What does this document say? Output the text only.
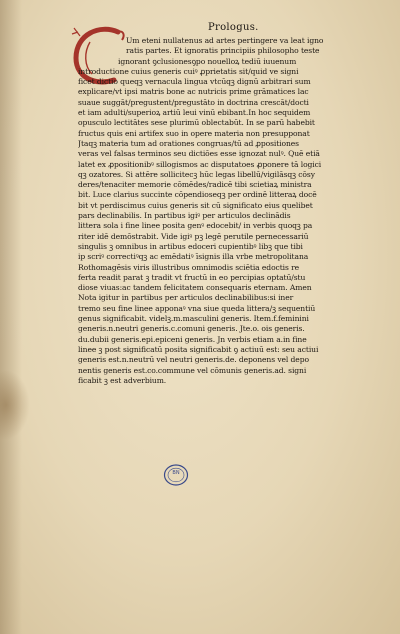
Prologus.
Um eteni nullatenus ad artes pertingere va leat igno
ratis partes. Et ignoratis principiis philosopho teste
ignorant ꝯclusionesꝯpo nouelloꝝ tediū iuuenum
introductione cuius generis cuiꝰ ꝓprietatis sit/quid ve signi
ficet dictio queqꝫ vernacula lingua vtcūqꝫ dignū arbitrari sum
explicare/vt ipsi matris bone ac nutricis prime grāmatices lac
suaue suggāt/pregustent/pregustāto in doctrina crescāt/docti
et iam adulti/superioꝝ artiū leui vinū ebibant.In hoc sequidem
opusculo lectitātes sese plurimū oblectabūt. In se parū habebit
fructus quis eni artifex suo in opere materia non presupponat
Jtaqꝫ materia tum ad orationes congruas/tū ad ꝓpositiones
veras vel falsas terminos seu dictiōes esse ignozat nulꝰ. Quē etiā
latet ex ꝓpositionibꝰ sillogismos ac disputatoes ꝓponere tā logici
qꝫ ozatores. Si attēre sollicitecꝫ hūc legas libellū/vigilāsqꝫ cōsy
deres/tenaciter memorie cōmēdes/radicē tibi scietiaꝝ ministra
bit. Luce clarius succinte cōpendioseqꝫ per ordinē litteraꝝ docē
bit vt perdiscimus cuius generis sit cū significato eius quelibet
pars declinabilis. In partibus igiꝰ per articulos declinādis
littera sola i fine linee posita genꝰ edocebit/ in verbis quoqꝫ pa
riter idē demōstrabit. Vide igiꝰ pꝫ legē perutile pernecessariū
singulis ꝫ omnibus in artibus edoceri cupientibꝰ libꝫ que tibi
ip scriꝰ correctiꝰqꝫ ac emēdatiꝰ īsignis illa vrbe metropolitana
Rothomagēsis viris illustribus omnimodis sciētia edoctis re
ferta readit parat ꝫ tradit vt fructū in eo percipias optatū/stu
diose viuas:ac tandem felicitatem consequaris eternam. Amen
Nota igitur in partibus per articulos declinabilibus:si iner
tremo seu fine linee apponaꝰ vna siue queda littera/ꝫ sequentiū
genus significabit. videlꝫ.m.masculini generis. Item.f.feminini
generis.n.neutri generis.c.comuni generis. Jte.o. ois generis.
du.dubii generis.epi.epiceni generis. Jn verbis etiam a.in fine
linee ꝫ post significatū posita significabit ꝯ actiuū est: seu actiui
generis est.n.neutrū vel neutri generis.de. deponens vel depo
nentis generis est.co.commune vel cōmunis generis.ad. signi
ficabit ꝫ est adverbium.
BN
